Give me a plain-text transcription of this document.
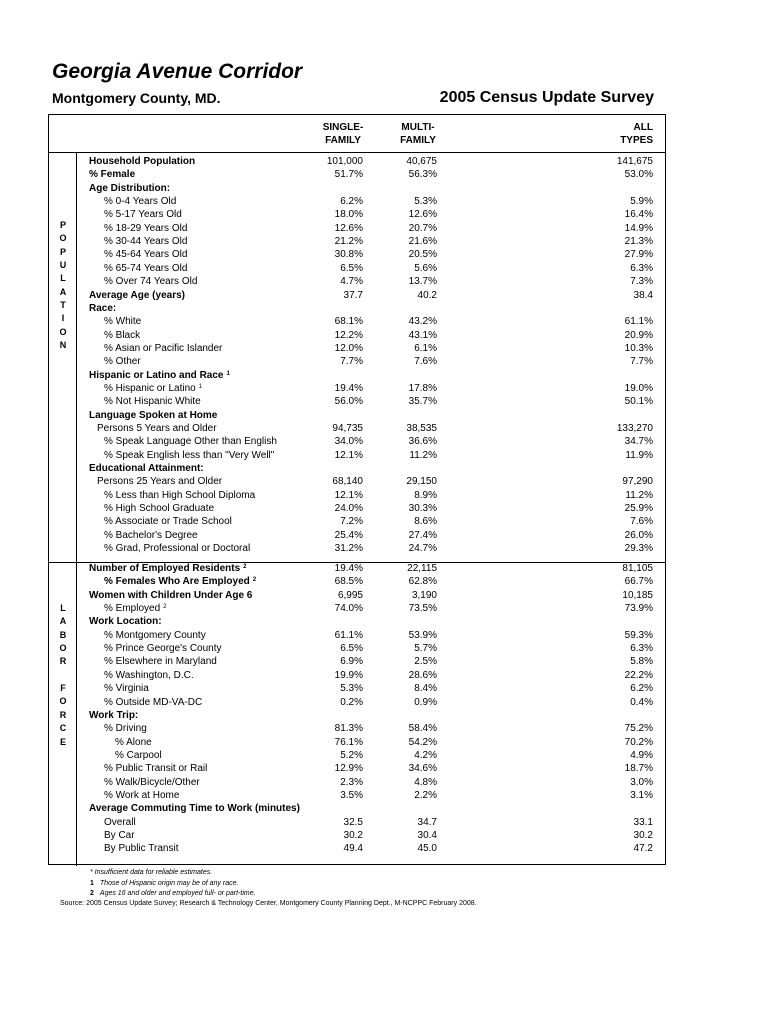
Georgia Avenue Corridor
Montgomery County, MD.	2005 Census Update Survey
SINGLE-
FAMILY
MULTI-
FAMILY
ALL
TYPES
P
O
P
U
L
A
T
I
O
N
L
A
B
O
R
F
O
R
C
E
Household Population	101,000	40,675	141,675
% Female	51.7%	56.3%	53.0%
Age Distribution:
% 0-4 Years Old	6.2%	5.3%	5.9%
% 5-17 Years Old	18.0%	12.6%	16.4%
% 18-29 Years Old	12.6%	20.7%	14.9%
% 30-44 Years Old	21.2%	21.6%	21.3%
% 45-64 Years Old	30.8%	20.5%	27.9%
% 65-74 Years Old	6.5%	5.6%	6.3%
% Over 74 Years Old	4.7%	13.7%	7.3%
Average Age (years)	37.7	40.2	38.4
Race:
% White	68.1%	43.2%	61.1%
% Black	12.2%	43.1%	20.9%
% Asian or Pacific Islander	12.0%	6.1%	10.3%
% Other	7.7%	7.6%	7.7%
Hispanic or Latino and Race $^1$
% Hispanic or Latino $^1$	19.4%	17.8%	19.0%
% Not Hispanic White	56.0%	35.7%	50.1%
Language Spoken at Home
Persons 5 Years and Older	94,735	38,535	133,270
% Speak Language Other than English	34.0%	36.6%	34.7%
% Speak English less than "Very Well"	12.1%	11.2%	11.9%
Educational Attainment:
Persons 25 Years and Older	68,140	29,150	97,290
% Less than High School Diploma	12.1%	8.9%	11.2%
% High School Graduate	24.0%	30.3%	25.9%
% Associate or Trade School	7.2%	8.6%	7.6%
% Bachelor's Degree	25.4%	27.4%	26.0%
% Grad, Professional or Doctoral	31.2%	24.7%	29.3%
Number of Employed Residents $^2$	19.4%	22,115	81,105
% Females Who Are Employed $^2$	68.5%	62.8%	66.7%
Women with Children Under Age 6	6,995	3,190	10,185
% Employed $^2$	74.0%	73.5%	73.9%
Work Location:
% Montgomery County	61.1%	53.9%	59.3%
% Prince George's County	6.5%	5.7%	6.3%
% Elsewhere in Maryland	6.9%	2.5%	5.8%
% Washington, D.C.	19.9%	28.6%	22.2%
% Virginia	5.3%	8.4%	6.2%
% Outside MD-VA-DC	0.2%	0.9%	0.4%
Work Trip:
% Driving	81.3%	58.4%	75.2%
% Alone	76.1%	54.2%	70.2%
% Carpool	5.2%	4.2%	4.9%
% Public Transit or Rail	12.9%	34.6%	18.7%
% Walk/Bicycle/Other	2.3%	4.8%	3.0%
% Work at Home	3.5%	2.2%	3.1%
Average Commuting Time to Work (minutes)
Overall	32.5	34.7	33.1
By Car	30.2	30.4	30.2
By Public Transit	49.4	45.0	47.2
* Insufficient data for reliable estimates.
1 Those of Hispanic origin may be of any race.
2 Ages 16 and older and employed full- or part-time.
Source: 2005 Census Update Survey; Research & Technology Center, Montgomery County Planning Dept., M-NCPPC February 2008.
